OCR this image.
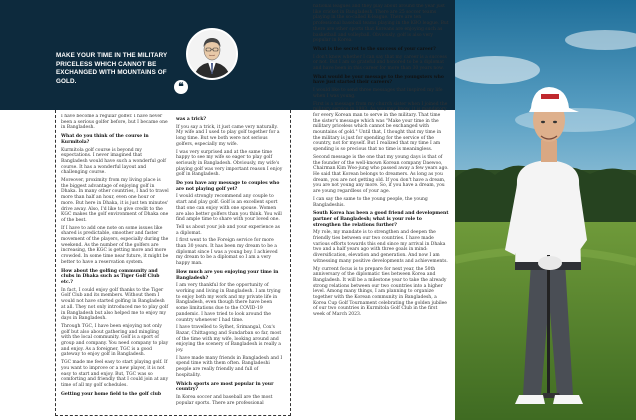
MAKE YOUR TIME IN THE MILITARY PRICELESS WHICH CANNOT BE EXCHANGED WITH MOUNTAINS OF GOLD.
❝

I have become a regular golfer. I have never been a serious golfer before, but I became one in Bangladesh.

What do you think of the course in Kurmitola?

Kurmitola golf course is beyond my expectations. I never imagined that Bangladesh would have such a wonderful golf course. It has a wonderful layout and challenging course.

Moreover, proximity from my living place is the biggest advantage of enjoying golf in Dhaka. In many other countries, I had to travel more than half an hour, even one hour or more. But here in Dhaka, it is just ten minutes' drive away. Also, I'd like to give credit to the KGC makes the golf environment of Dhaka one of the best.

If I have to add one note on some issues like shared is predictable, smoother and faster movement of the players, especially during the weekend. As the number of the golfers are increasing, the KGC is getting more and more crowded. In some time near future, it might be better to have a reservation system.

How about the golfing community and clubs in Dhaka such as Tiger Golf Club etc.?

In fact, I could enjoy golf thanks to the Tiger Golf Club and its members. Without them I would not have started golfing in Bangladesh at all. They not only introduced me to play golf in Bangladesh but also helped me to enjoy my days in Bangladesh.

Through TGC, I have been enjoying not only golf but also about gathering and mingling with the local community. Golf is a sport of group and company. You need company to play and enjoy. As a foreigner, TGC is a good gateway to enjoy golf in Bangladesh.

TGC made me feel easy to start playing golf. If you want to improve or a new player, it is not easy to start and enjoy. But, TGC was so comforting and friendly that I could join at any time of all my golf schedules.

Getting your home field to the golf club

was a trick?

If you say a trick, it just came very naturally. My wife and I used to play golf together for a long time. But we both were not serious golfers, especially my wife.

I was very surprised and at the same time happy to see my wife so eager to play golf seriously in Bangladesh. Obviously, my wife's playing golf was very important reason I enjoy golf in Bangladesh.

Do you have any message to couples who are not playing golf yet?

I would strongly recommend any couple to start and play golf. Golf is an excellent sport that one can enjoy with one spouse. Women are also better golfers than you think. You will find ample time to share with your loved one.

Tell us about your job and your experience as a diplomat.

I first went to the Foreign service for more than 30 years. It has been my dream to be a diplomat since I was a young boy. I achieved my dream to be a diplomat so I am a very happy man.

How much are you enjoying your time in Bangladesh?

I am very thankful for the opportunity of working and living in Bangladesh. I am trying to enjoy both my work and my private life in Bangladesh, even though there have been some limitations due to the COVID-19 pandemic. I have tried to look around the country whenever I had time.

I have travelled to Sylhet, Srimangal, Cox's Bazar, Chittagong and Sundarban so far, most of the time with my wife, looking around and enjoying the scenery of Bangladesh is really a joy.

I have made many friends in Bangladesh and I spend time with them often. Bangladeshi people are really friendly and full of hospitality.

Which sports are most popular in your country?

In Korea soccer and baseball are the most popular sports. There are professional

national leagues and they play about around the year just like cricket in Bangladesh. There are 25 soccer teams playing in the so-called K-league. There are ten professional baseball teams playing in the KBO league. But there are other sports that Koreans are enjoying such as basketball and volleyball. Obviously, golf is also very popular in Korea.

What is the secret to the success of your career?

I don't know whether I can say that my career is a success or not. But I am so grateful and honored to be a diplomat and have been in this career for more than 30 years now.

What would be your message to the youngsters who have just started their careers?

I would like to send three messages that inspired my life when I was young.

First is a message from my church sister when I joined the military service in 1983. As you may know, it is mandatory for every Korean man to serve in the military. That time the sister's message which was "Make your time in the military priceless which cannot be exchanged with mountains of gold." Until that, I thought that my time in the military is just for spending for the service of the country, not for myself. But I realized that my time I am spending is so precious that no time is meaningless.

Second message is the one that my young days is that of the founder of the well-known Korean company Daewoo, Chairman Kim Woo-jung who passed away a few years ago. He said that Korean belongs to dreamers. As long as you dream, you are not getting old. If you don't have a dream, you are not young any more. So, if you have a dream, you are young regardless of your age.

I can say the same to the young people, the young Bangladeshis.

South Korea has been a good friend and development partner of Bangladesh; what is your role to strengthen the relations further?

My role, my mandate is to strengthen and deepen the friendly ties between our two countries. I have made various efforts towards this end since my arrival in Dhaka two and a half years ago with three goals in mind: diversification, elevation and generation. And now I am witnessing many positive developments and achievements.

My current focus is to prepare for next year, the 50th anniversary of the diplomatic ties between Korea and Bangladesh. It will be a milestone year to take the already strong relations between our two countries into a higher level. Among many things, I am planning to organize together with the Korean community in Bangladesh, a Korea Cup Golf Tournament celebrating the golden jubilee of our two countries in Kurmitola Golf Club in the first week of March 2023.
